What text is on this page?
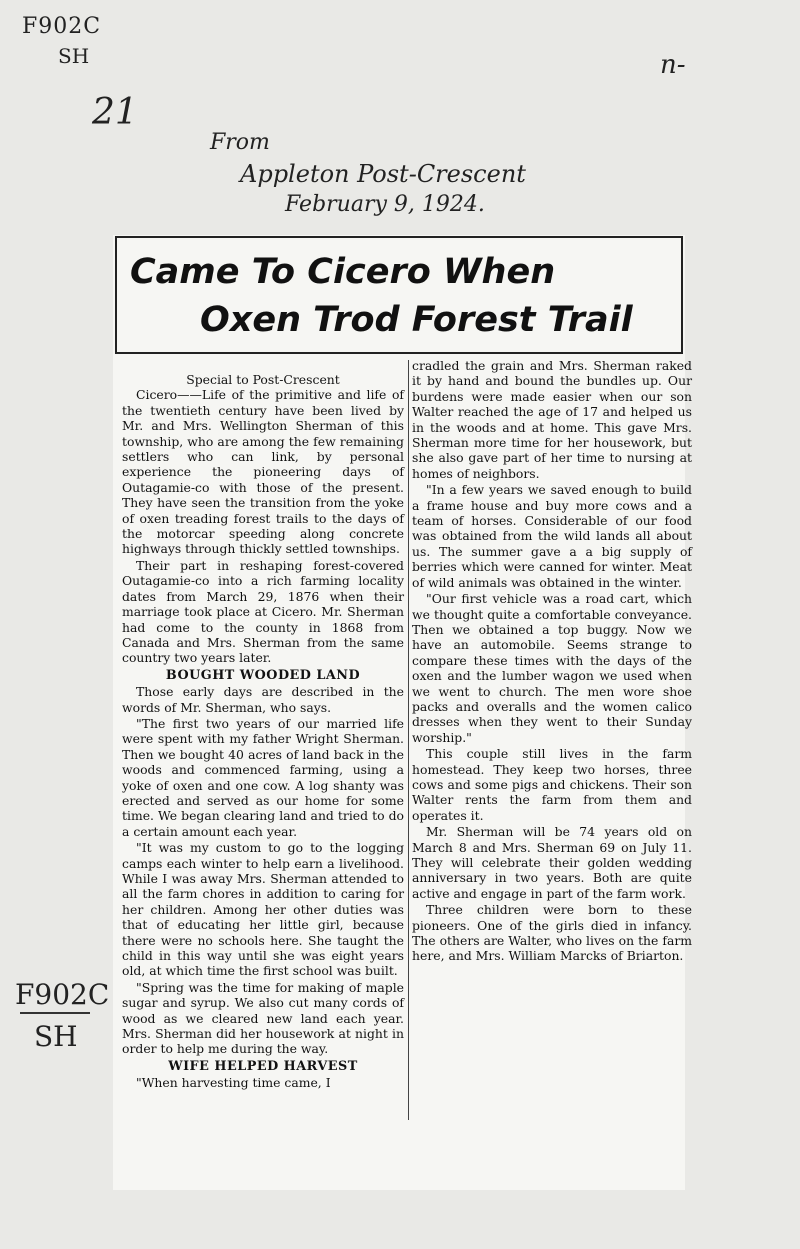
F902C
SH
21
n-
From
Appleton Post-Crescent
February 9, 1924.
F902C
SH
Came To Cicero When
Oxen Trod Forest Trail
Special to Post-Crescent

Cicero——Life of the primitive and life of the twentieth century have been lived by Mr. and Mrs. Wellington Sherman of this township, who are among the few remaining settlers who can link, by personal experience the pioneering days of Outagamie-co with those of the present. They have seen the transition from the yoke of oxen treading forest trails to the days of the motorcar speeding along concrete highways through thickly settled townships.

Their part in reshaping forest-covered Outagamie-co into a rich farming locality dates from March 29, 1876 when their marriage took place at Cicero. Mr. Sherman had come to the county in 1868 from Canada and Mrs. Sherman from the same country two years later.

BOUGHT WOODED LAND

Those early days are described in the words of Mr. Sherman, who says.

"The first two years of our married life were spent with my father Wright Sherman. Then we bought 40 acres of land back in the woods and commenced farming, using a yoke of oxen and one cow. A log shanty was erected and served as our home for some time. We began clearing land and tried to do a certain amount each year.

"It was my custom to go to the logging camps each winter to help earn a livelihood. While I was away Mrs. Sherman attended to all the farm chores in addition to caring for her children. Among her other duties was that of educating her little girl, because there were no schools here. She taught the child in this way until she was eight years old, at which time the first school was built.

"Spring was the time for making of maple sugar and syrup. We also cut many cords of wood as we cleared new land each year. Mrs. Sherman did her housework at night in order to help me during the way.

WIFE HELPED HARVEST

"When harvesting time came, I

cradled the grain and Mrs. Sherman raked it by hand and bound the bundles up. Our burdens were made easier when our son Walter reached the age of 17 and helped us in the woods and at home. This gave Mrs. Sherman more time for her housework, but she also gave part of her time to nursing at homes of neighbors.

"In a few years we saved enough to build a frame house and buy more cows and a team of horses. Considerable of our food was obtained from the wild lands all about us. The summer gave a a big supply of berries which were canned for winter. Meat of wild animals was obtained in the winter.

"Our first vehicle was a road cart, which we thought quite a comfortable conveyance. Then we obtained a top buggy. Now we have an automobile. Seems strange to compare these times with the days of the oxen and the lumber wagon we used when we went to church. The men wore shoe packs and overalls and the women calico dresses when they went to their Sunday worship."

This couple still lives in the farm homestead. They keep two horses, three cows and some pigs and chickens. Their son Walter rents the farm from them and operates it.

Mr. Sherman will be 74 years old on March 8 and Mrs. Sherman 69 on July 11. They will celebrate their golden wedding anniversary in two years. Both are quite active and engage in part of the farm work.

Three children were born to these pioneers. One of the girls died in infancy. The others are Walter, who lives on the farm here, and Mrs. William Marcks of Briarton.
